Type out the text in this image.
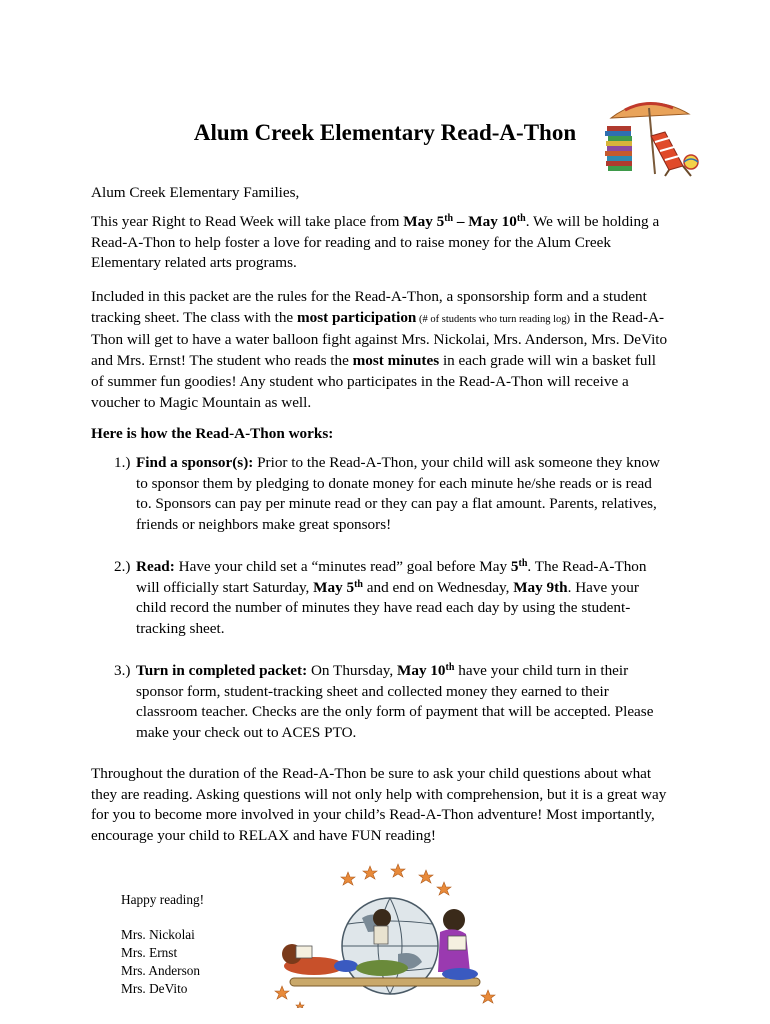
Alum Creek Elementary Read-A-Thon
Alum Creek Elementary Families,
This year Right to Read Week will take place from May 5th – May 10th. We will be holding a Read-A-Thon to help foster a love for reading and to raise money for the Alum Creek Elementary related arts programs.
Included in this packet are the rules for the Read-A-Thon, a sponsorship form and a student tracking sheet. The class with the most participation (# of students who turn reading log) in the Read-A-Thon will get to have a water balloon fight against Mrs. Nickolai, Mrs. Anderson, Mrs. DeVito and Mrs. Ernst! The student who reads the most minutes in each grade will win a basket full of summer fun goodies! Any student who participates in the Read-A-Thon will receive a voucher to Magic Mountain as well.
Here is how the Read-A-Thon works:
1.) Find a sponsor(s): Prior to the Read-A-Thon, your child will ask someone they know to sponsor them by pledging to donate money for each minute he/she reads or is read to. Sponsors can pay per minute read or they can pay a flat amount. Parents, relatives, friends or neighbors make great sponsors!
2.) Read: Have your child set a “minutes read” goal before May 5th. The Read-A-Thon will officially start Saturday, May 5th and end on Wednesday, May 9th. Have your child record the number of minutes they have read each day by using the student-tracking sheet.
3.) Turn in completed packet: On Thursday, May 10th have your child turn in their sponsor form, student-tracking sheet and collected money they earned to their classroom teacher. Checks are the only form of payment that will be accepted. Please make your check out to ACES PTO.
Throughout the duration of the Read-A-Thon be sure to ask your child questions about what they are reading. Asking questions will not only help with comprehension, but it is a great way for you to become more involved in your child’s Read-A-Thon adventure! Most importantly, encourage your child to RELAX and have FUN reading!
Happy reading!
Mrs. Nickolai
Mrs. Ernst
Mrs. Anderson
Mrs. DeVito
